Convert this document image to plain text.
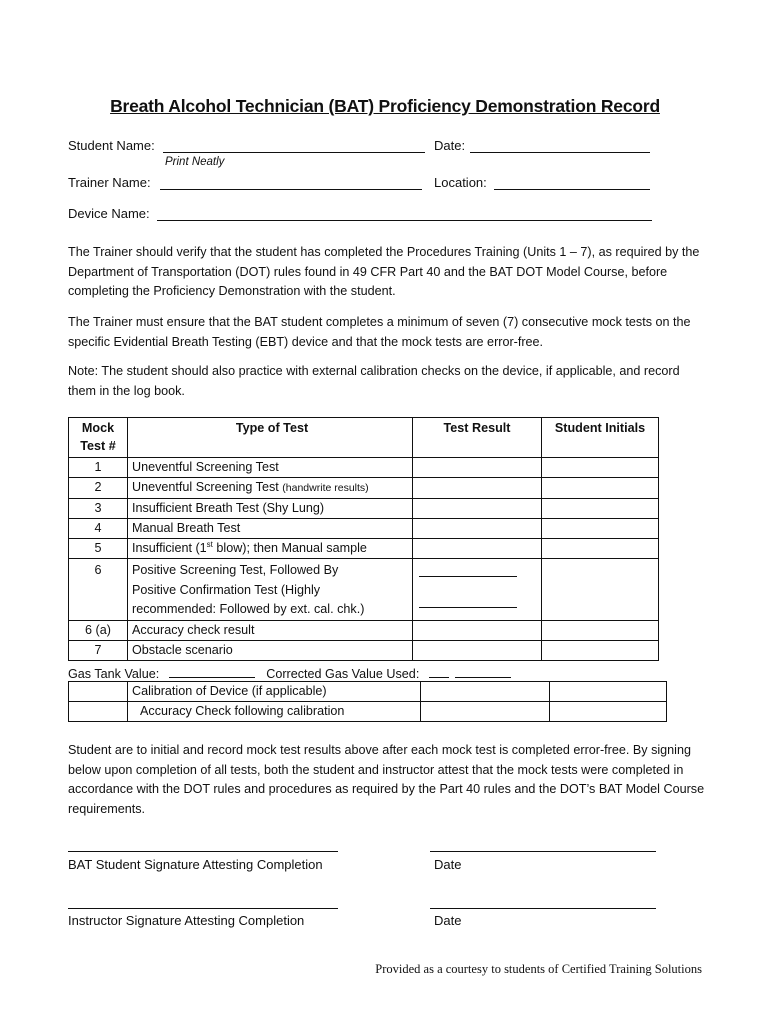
Breath Alcohol Technician (BAT) Proficiency Demonstration Record
Student Name:
Print Neatly
Date:
Trainer Name:	Location:
Device Name:
The Trainer should verify that the student has completed the Procedures Training (Units 1 – 7), as required by the Department of Transportation (DOT) rules found in 49 CFR Part 40 and the BAT DOT Model Course, before completing the Proficiency Demonstration with the student.
The Trainer must ensure that the BAT student completes a minimum of seven (7) consecutive mock tests on the specific Evidential Breath Testing (EBT) device and that the mock tests are error-free.
Note: The student should also practice with external calibration checks on the device, if applicable, and record them in the log book.
Mock Test #	Type of Test	Test Result	Student Initials
1	Uneventful Screening Test		
2	Uneventful Screening Test (handwrite results)		
3	Insufficient Breath Test (Shy Lung)		
4	Manual Breath Test		
5	Insufficient (1st blow); then Manual sample		
6	Positive Screening Test, Followed By
Positive Confirmation Test (Highly
recommended: Followed by ext. cal. chk.)		

6 (a)	Accuracy check result		
7	Obstacle scenario		
Gas Tank Value:	Corrected Gas Value Used:
	Calibration of Device (if applicable)		
	Accuracy Check following calibration		
Student are to initial and record mock test results above after each mock test is completed error-free. By signing below upon completion of all tests, both the student and instructor attest that the mock tests were completed in accordance with the DOT rules and procedures as required by the Part 40 rules and the DOT’s BAT Model Course requirements.
BAT Student Signature Attesting Completion	Date
Instructor Signature Attesting Completion	Date
Provided as a courtesy to students of Certified Training Solutions
